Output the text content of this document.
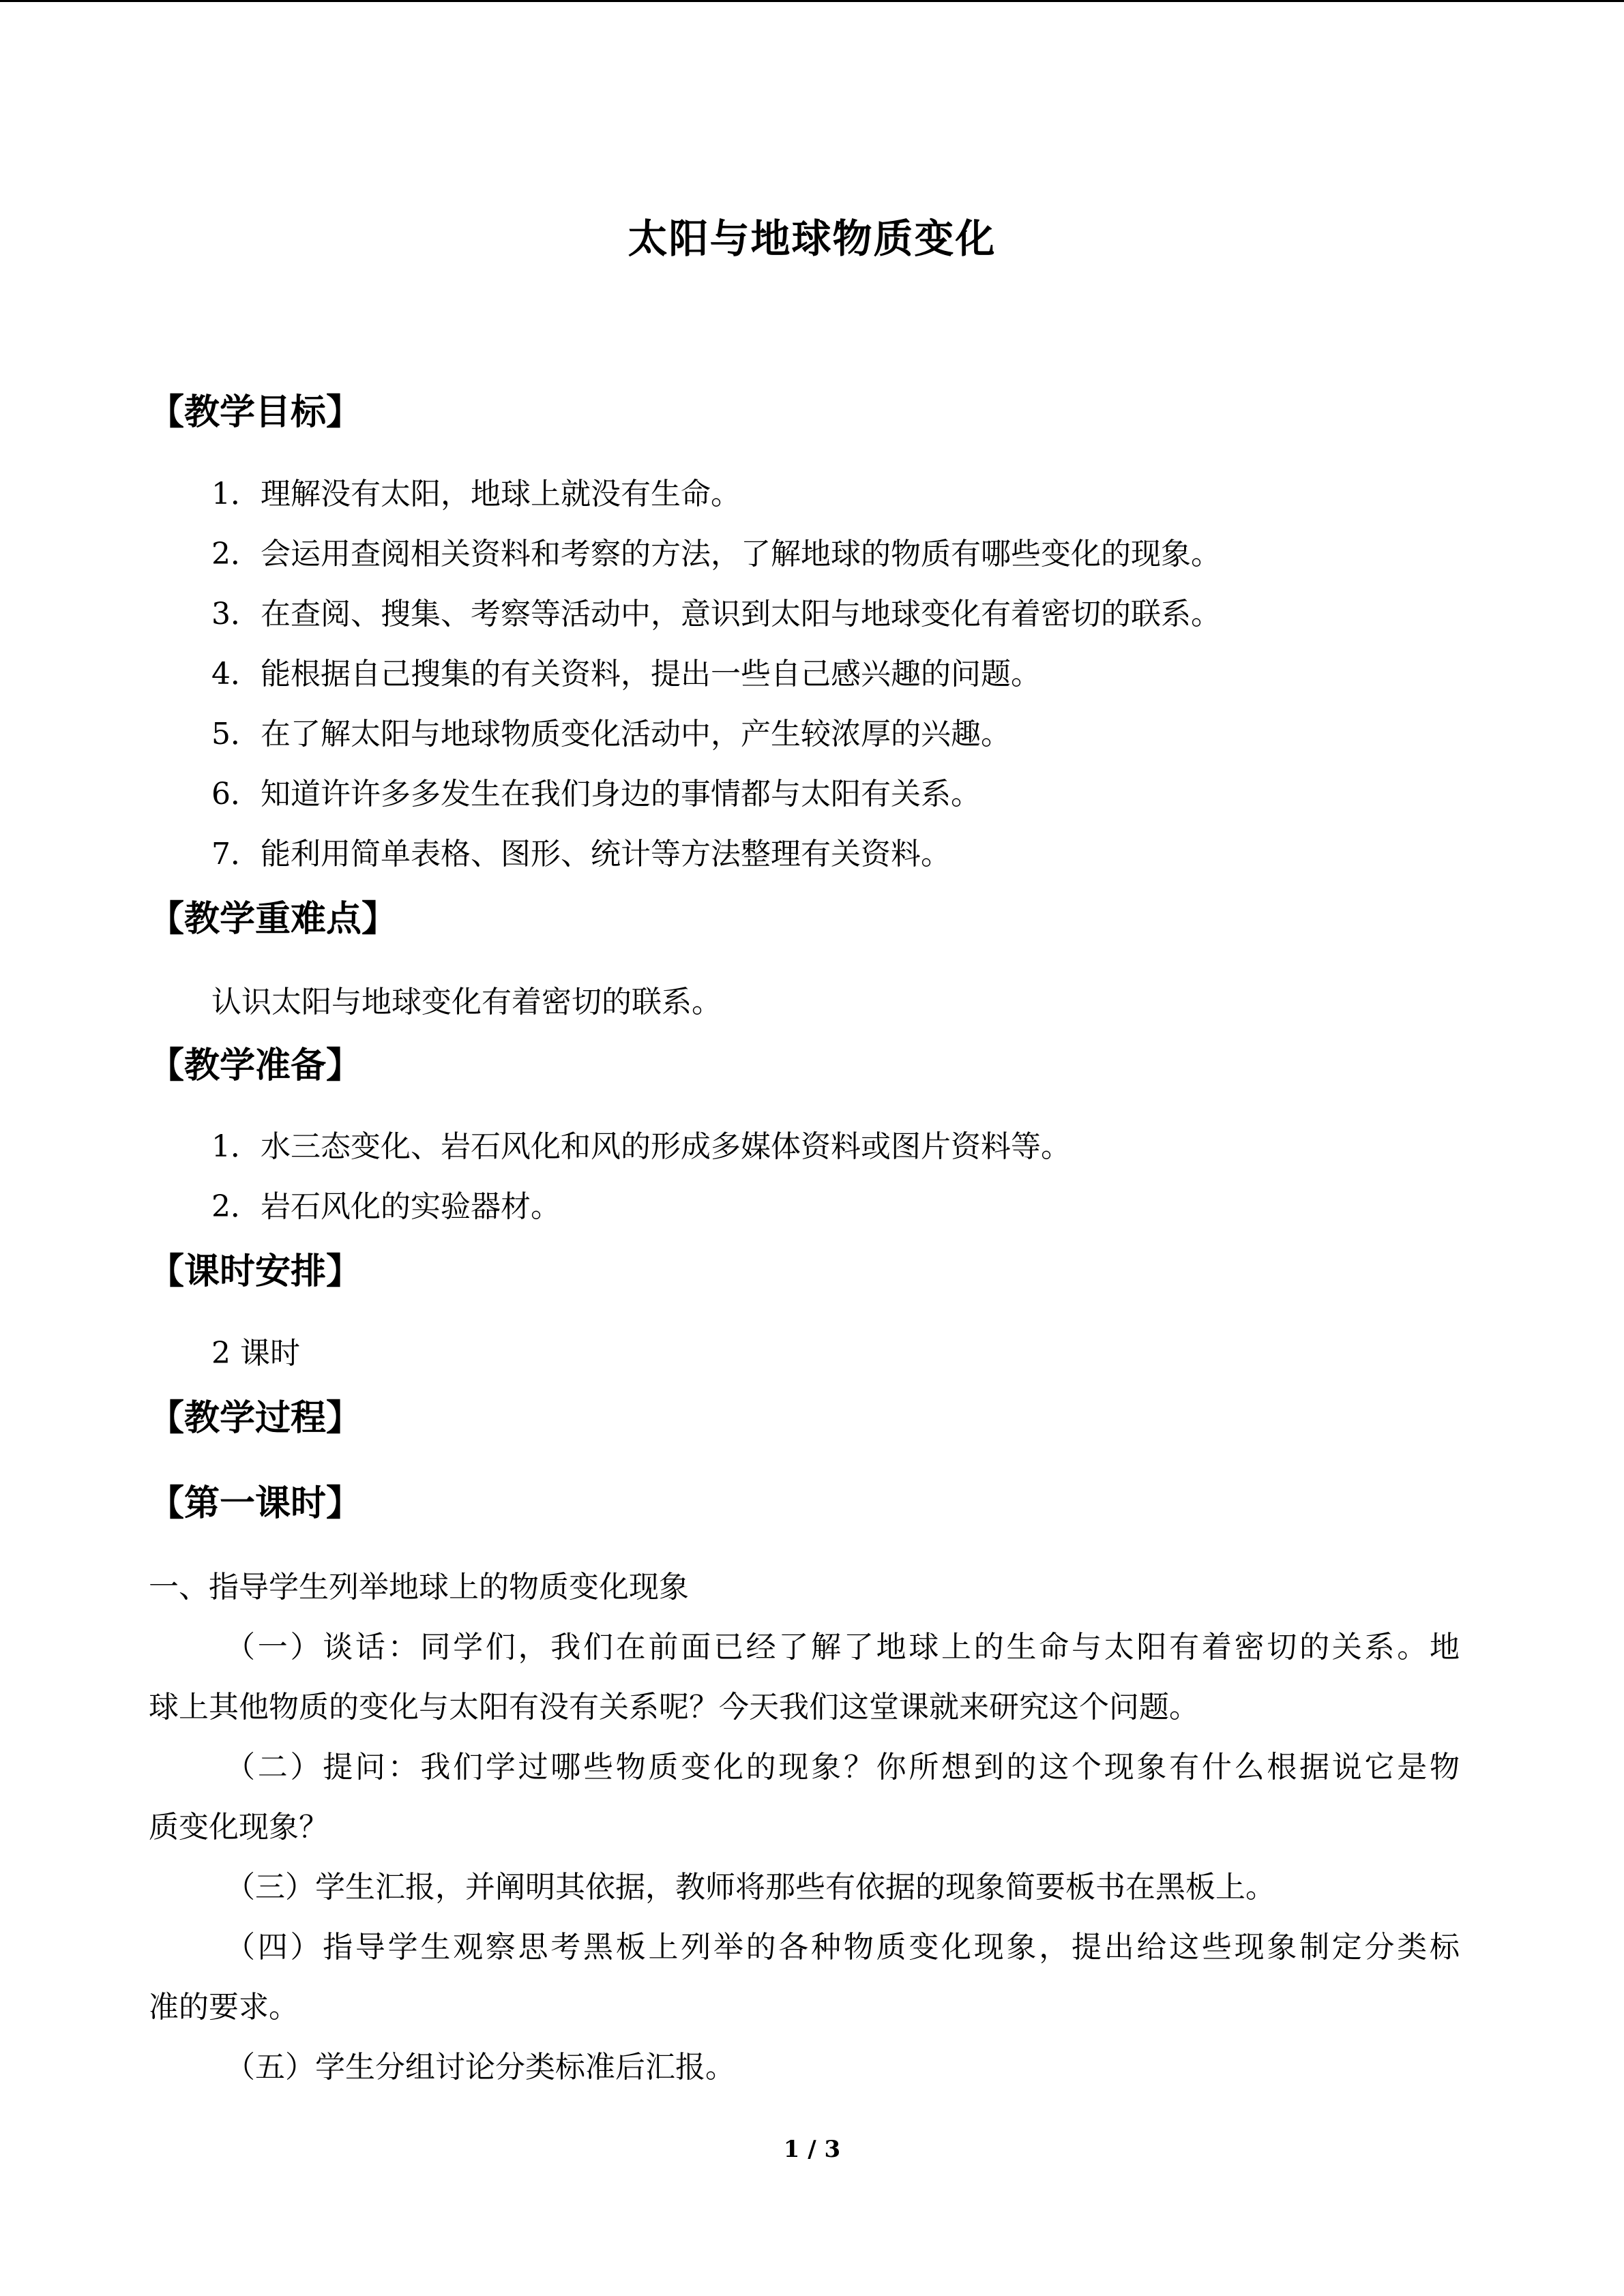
太阳与地球物质变化
【教学目标】
1．理解没有太阳，地球上就没有生命。
2．会运用查阅相关资料和考察的方法，了解地球的物质有哪些变化的现象。
3．在查阅、搜集、考察等活动中，意识到太阳与地球变化有着密切的联系。
4．能根据自己搜集的有关资料，提出一些自己感兴趣的问题。
5．在了解太阳与地球物质变化活动中，产生较浓厚的兴趣。
6．知道许许多多发生在我们身边的事情都与太阳有关系。
7．能利用简单表格、图形、统计等方法整理有关资料。
【教学重难点】
认识太阳与地球变化有着密切的联系。
【教学准备】
1．水三态变化、岩石风化和风的形成多媒体资料或图片资料等。
2．岩石风化的实验器材。
【课时安排】
2 课时
【教学过程】
【第一课时】
一、指导学生列举地球上的物质变化现象
（一）谈话：同学们，我们在前面已经了解了地球上的生命与太阳有着密切的关系。地
球上其他物质的变化与太阳有没有关系呢？今天我们这堂课就来研究这个问题。
（二）提问：我们学过哪些物质变化的现象？你所想到的这个现象有什么根据说它是物
质变化现象？
（三）学生汇报，并阐明其依据，教师将那些有依据的现象简要板书在黑板上。
（四）指导学生观察思考黑板上列举的各种物质变化现象，提出给这些现象制定分类标
准的要求。
（五）学生分组讨论分类标准后汇报。
1 / 3
